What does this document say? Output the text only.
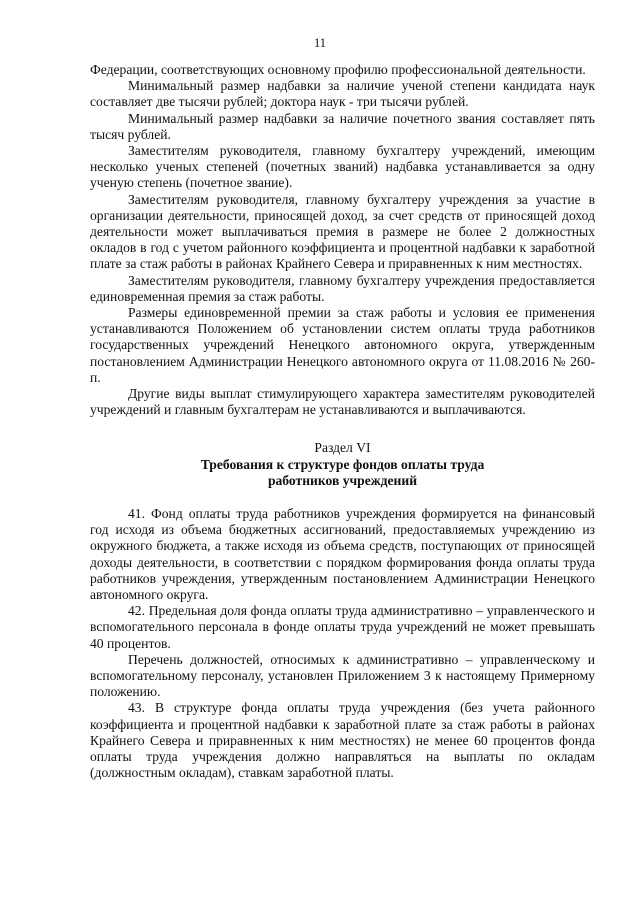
11

Федерации, соответствующих основному профилю профессиональной деятельности.

Минимальный размер надбавки за наличие ученой степени кандидата наук составляет две тысячи рублей; доктора наук - три тысячи рублей.

Минимальный размер надбавки за наличие почетного звания составляет пять тысяч рублей.

Заместителям руководителя, главному бухгалтеру учреждений, имеющим несколько ученых степеней (почетных званий) надбавка устанавливается за одну ученую степень (почетное звание).

Заместителям руководителя, главному бухгалтеру учреждения за участие в организации деятельности, приносящей доход, за счет средств от приносящей доход деятельности может выплачиваться премия в размере не более 2 должностных окладов в год с учетом районного коэффициента и процентной надбавки к заработной плате за стаж работы в районах Крайнего Севера и приравненных к ним местностях.

Заместителям руководителя, главному бухгалтеру учреждения предоставляется единовременная премия за стаж работы.

Размеры единовременной премии за стаж работы и условия ее применения устанавливаются Положением об установлении систем оплаты труда работников государственных учреждений Ненецкого автономного округа, утвержденным постановлением Администрации Ненецкого автономного округа от 11.08.2016 № 260-п.

Другие виды выплат стимулирующего характера заместителям руководителей учреждений и главным бухгалтерам не устанавливаются и выплачиваются.

Раздел VI
Требования к структуре фондов оплаты труда
работников учреждений

41. Фонд оплаты труда работников учреждения формируется на финансовый год исходя из объема бюджетных ассигнований, предоставляемых учреждению из окружного бюджета, а также исходя из объема средств, поступающих от приносящей доходы деятельности, в соответствии с порядком формирования фонда оплаты труда работников учреждения, утвержденным постановлением Администрации Ненецкого автономного округа.

42. Предельная доля фонда оплаты труда административно – управленческого и вспомогательного персонала в фонде оплаты труда учреждений не может превышать 40 процентов.

Перечень должностей, относимых к административно – управленческому и вспомогательному персоналу, установлен Приложением 3 к настоящему Примерному положению.

43. В структуре фонда оплаты труда учреждения (без учета районного коэффициента и процентной надбавки к заработной плате за стаж работы в районах Крайнего Севера и приравненных к ним местностях) не менее 60 процентов фонда оплаты труда учреждения должно направляться на выплаты по окладам (должностным окладам), ставкам заработной платы.
